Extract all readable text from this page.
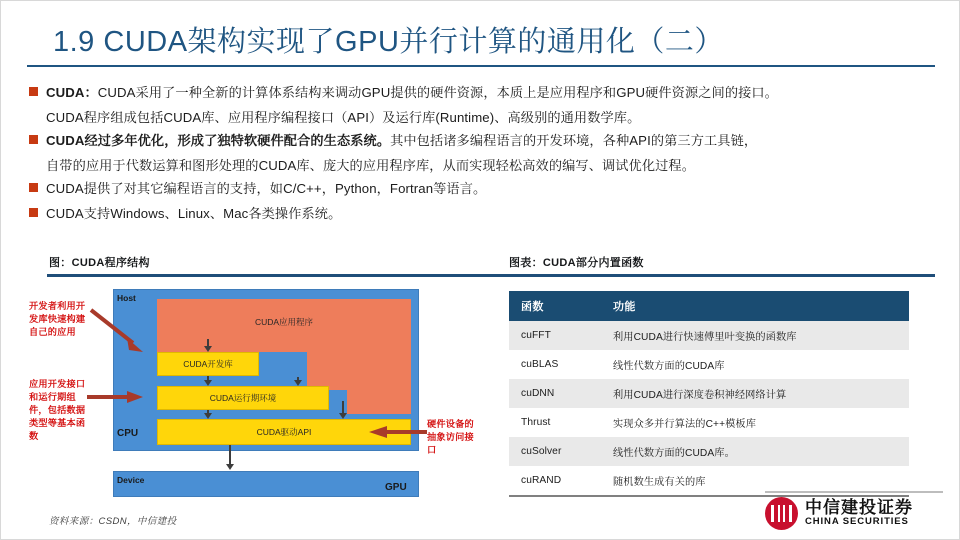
1.9 CUDA架构实现了GPU并行计算的通用化（二）
CUDA：CUDA采用了一种全新的计算体系结构来调动GPU提供的硬件资源，本质上是应用程序和GPU硬件资源之间的接口。
CUDA程序组成包括CUDA库、应用程序编程接口（API）及运行库(Runtime)、高级别的通用数学库。
CUDA经过多年优化，形成了独特软硬件配合的生态系统。其中包括诸多编程语言的开发环境，各种API的第三方工具链，
自带的应用于代数运算和图形处理的CUDA库、庞大的应用程序库，从而实现轻松高效的编写、调试优化过程。
CUDA提供了对其它编程语言的支持，如C/C++，Python，Fortran等语言。
CUDA支持Windows、Linux、Mac各类操作系统。
图：CUDA程序结构	图表：CUDA部分内置函数
CUDA应用程序
CUDA开发库
CUDA运行期环境
CUDA驱动API
Host
CPU
Device
GPU
开发者利用开发库快速构建自己的应用
应用开发接口和运行期组件，包括数据类型等基本函数
硬件设备的抽象访问接口
函数	功能
cuFFT	利用CUDA进行快速傅里叶变换的函数库
cuBLAS	线性代数方面的CUDA库
cuDNN	利用CUDA进行深度卷积神经网络计算
Thrust	实现众多并行算法的C++模板库
cuSolver	线性代数方面的CUDA库。
cuRAND	随机数生成有关的库
资料来源：CSDN，中信建投
中信建投证券
CHINA SECURITIES
